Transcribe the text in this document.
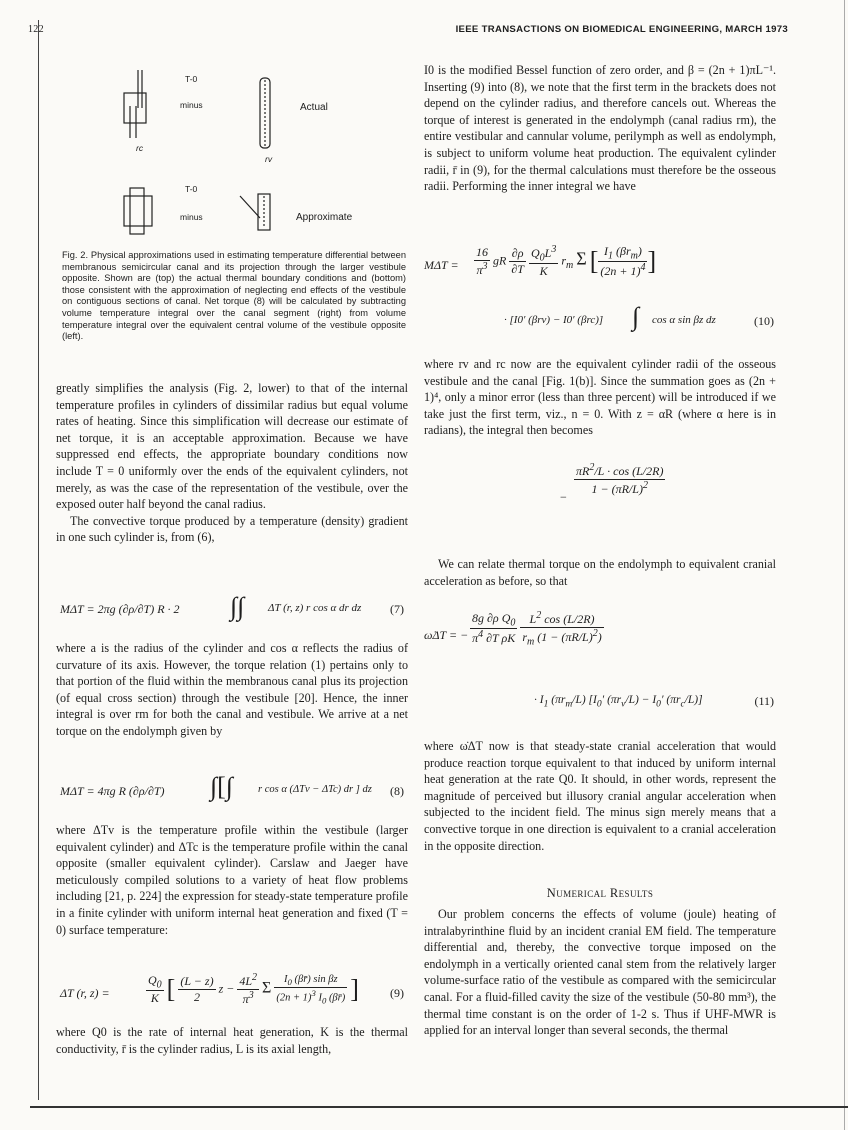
122	IEEE TRANSACTIONS ON BIOMEDICAL ENGINEERING, MARCH 1973
T-0
minus	Actual
T-0
minus	Approximate
rc
rv
Fig. 2. Physical approximations used in estimating temperature differential between membranous semicircular canal and its projection through the larger vestibule opposite. Shown are (top) the actual thermal boundary conditions and (bottom) those consistent with the approximation of neglecting end effects of the vestibule on contiguous sections of canal. Net torque (8) will be calculated by subtracting volume temperature integral over the canal segment (right) from volume temperature integral over the equivalent central volume of the vestibule opposite (left).

greatly simplifies the analysis (Fig. 2, lower) to that of the internal temperature profiles in cylinders of dissimilar radius but equal volume rates of heating. Since this simplification will decrease our estimate of net torque, it is an acceptable approximation. Because we have suppressed end effects, the appropriate boundary conditions now include T = 0 uniformly over the ends of the equivalent cylinders, not merely, as was the case of the representation of the vestibule, over the exposed outer half beyond the canal radius.

The convective torque produced by a temperature (density) gradient in one such cylinder is, from (6),

MΔT = 2πg (∂ρ/∂T) R · 2 ∫∫ ΔT (r, z) r cos α dr dz (7)

where a is the radius of the cylinder and cos α reflects the radius of curvature of its axis. However, the torque relation (1) pertains only to that portion of the fluid within the membranous canal plus its projection (of equal cross section) through the vestibule [20]. Hence, the inner integral is over rm for both the canal and vestibule. We arrive at a net torque on the endolymph given by

MΔT = 4πg R (∂ρ/∂T) ∫[∫ r cos α (ΔTv − ΔTc) dr ] dz (8)

where ΔTv is the temperature profile within the vestibule (larger equivalent cylinder) and ΔTc is the temperature profile within the canal opposite (smaller equivalent cylinder). Carslaw and Jaeger have meticulously compiled solutions to a variety of heat flow problems including [21, p. 224] the expression for steady-state temperature profile in a finite cylinder with uniform internal heat generation and fixed (T = 0) surface temperature:

ΔT (r, z) =	$\frac{Q_0}{K}$ [ $\frac{(L - z)}{2}$ $z - \frac{4L^2}{\pi^3}$ Σ $\frac{I_0 (\beta r̄) \sin \beta z}{(2n + 1)^3 I_0 (\beta r̄)}$ ]	(9)

where Q0 is the rate of internal heat generation, K is the thermal conductivity, r̄ is the cylinder radius, L is its axial length,

I0 is the modified Bessel function of zero order, and β = (2n + 1)πL⁻¹. Inserting (9) into (8), we note that the first term in the brackets does not depend on the cylinder radius, and therefore cancels out. Whereas the torque of interest is generated in the endolymph (canal radius rm), the entire vestibular and cannular volume, perilymph as well as endolymph, is subject to uniform volume heat production. The equivalent cylinder radii, r̄ in (9), for the thermal calculations must therefore be the osseous radii. Performing the inner integral we have

$M\Delta T = \frac{16}{\pi^3}$ gR $\frac{\partial\rho}{\partial T}$
$\frac{Q_0L^3}{K} r_m$ Σ [ $\frac{I_1 (\beta r_m)}{(2n + 1)^4}$ ]
· [I0′ (βrv) − I0′ (βrc)] ∫ cos α sin βz dz	(10)

where rv and rc now are the equivalent cylinder radii of the osseous vestibule and the canal [Fig. 1(b)]. Since the summation goes as (2n + 1)⁴, only a minor error (less than three percent) will be introduced if we take just the first term, viz., n = 0. With z = αR (where α here is in radians), the integral then becomes

− $\frac{\pi R^2/L \cdot \cos (L/2R)}{1 - (\pi R/L)^2}$

We can relate thermal torque on the endolymph to equivalent cranial acceleration as before, so that

ω̇ΔT = − $\frac{8g \partial\rho Q_0}{\pi^4 \partial T \rho K}$
$\frac{L^2 \cos (L/2R)}{r_m (1 - (\pi R/L)^2)}$
· $I_1$ $(\pi r_m/L)$ [$I_0'$ $(\pi r_v/L) - I_0'$ $(\pi r_c/L)$]	(11)

where ω̇ΔT now is that steady-state cranial acceleration that would produce reaction torque equivalent to that induced by uniform internal heat generation at the rate Q0. It should, in other words, represent the magnitude of perceived but illusory cranial angular acceleration when subjected to the incident field. The minus sign merely means that a convective torque in one direction is equivalent to a cranial acceleration in the opposite direction.

Numerical Results

Our problem concerns the effects of volume (joule) heating of intralabyrinthine fluid by an incident cranial EM field. The temperature differential and, thereby, the convective torque imposed on the endolymph in a vertically oriented canal stem from the relatively larger volume-surface ratio of the vestibule as compared with the semicircular canal. For a fluid-filled cavity the size of the vestibule (50-80 mm³), the thermal time constant is on the order of 1-2 s. Thus if UHF-MWR is applied for an interval longer than several seconds, the thermal
